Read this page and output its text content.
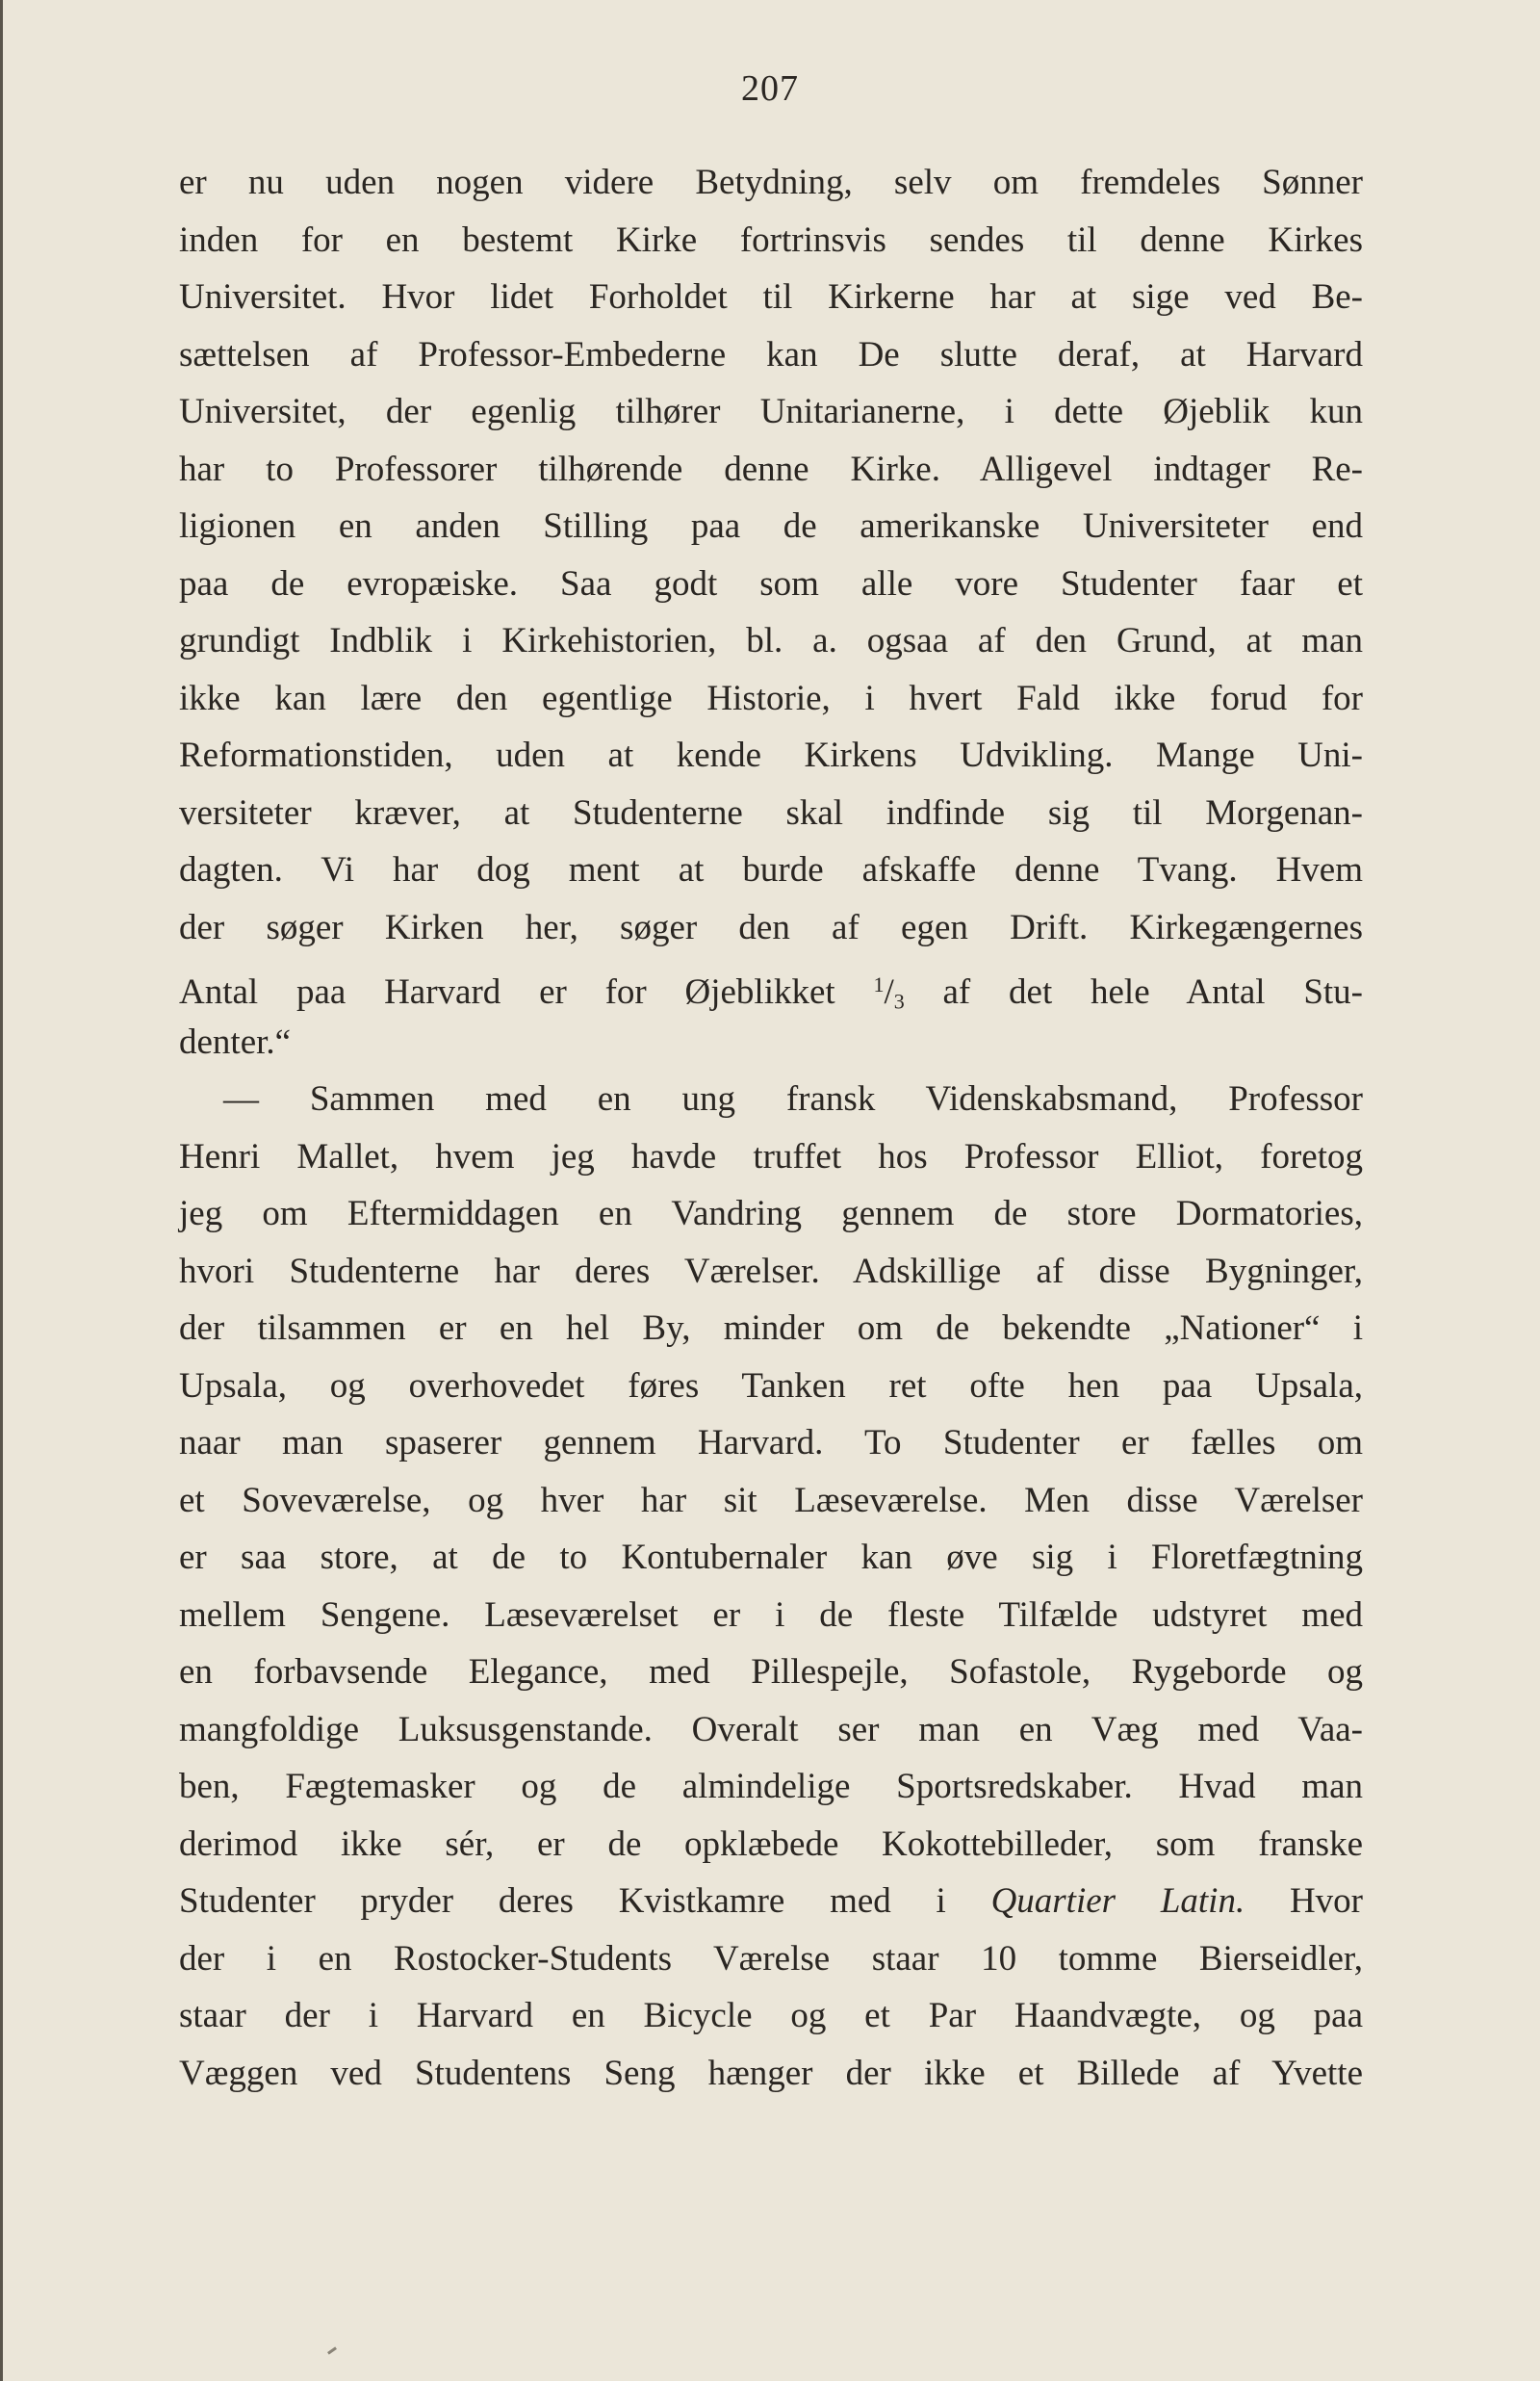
207
er nu uden nogen videre Betydning, selv om fremdeles Sønner
inden for en bestemt Kirke fortrinsvis sendes til denne Kirkes
Universitet. Hvor lidet Forholdet til Kirkerne har at sige ved Be-
sættelsen af Professor-Embederne kan De slutte deraf, at Harvard
Universitet, der egenlig tilhører Unitarianerne, i dette Øjeblik kun
har to Professorer tilhørende denne Kirke. Alligevel indtager Re-
ligionen en anden Stilling paa de amerikanske Universiteter end
paa de evropæiske. Saa godt som alle vore Studenter faar et
grundigt Indblik i Kirkehistorien, bl. a. ogsaa af den Grund, at man
ikke kan lære den egentlige Historie, i hvert Fald ikke forud for
Reformationstiden, uden at kende Kirkens Udvikling. Mange Uni-
versiteter kræver, at Studenterne skal indfinde sig til Morgenan-
dagten. Vi har dog ment at burde afskaffe denne Tvang. Hvem
der søger Kirken her, søger den af egen Drift. Kirkegængernes
Antal paa Harvard er for Øjeblikket $^1/_3$ af det hele Antal Stu-
denter.“
— Sammen med en ung fransk Videnskabsmand, Professor
Henri Mallet, hvem jeg havde truffet hos Professor Elliot, foretog
jeg om Eftermiddagen en Vandring gennem de store Dormatories,
hvori Studenterne har deres Værelser. Adskillige af disse Bygninger,
der tilsammen er en hel By, minder om de bekendte „Nationer“ i
Upsala, og overhovedet føres Tanken ret ofte hen paa Upsala,
naar man spaserer gennem Harvard. To Studenter er fælles om
et Soveværelse, og hver har sit Læseværelse. Men disse Værelser
er saa store, at de to Kontubernaler kan øve sig i Floretfægtning
mellem Sengene. Læseværelset er i de fleste Tilfælde udstyret med
en forbavsende Elegance, med Pillespejle, Sofastole, Rygeborde og
mangfoldige Luksusgenstande. Overalt ser man en Væg med Vaa-
ben, Fægtemasker og de almindelige Sportsredskaber. Hvad man
derimod ikke sér, er de opklæbede Kokottebilleder, som franske
Studenter pryder deres Kvistkamre med i Quartier Latin. Hvor
der i en Rostocker-Students Værelse staar 10 tomme Bierseidler,
staar der i Harvard en Bicycle og et Par Haandvægte, og paa
Væggen ved Studentens Seng hænger der ikke et Billede af Yvette
